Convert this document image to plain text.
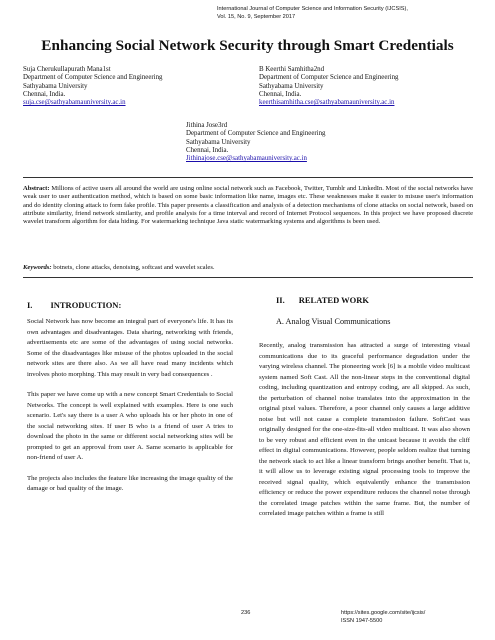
International Journal of Computer Science and Information Security (IJCSIS),
Vol. 15, No. 9, September 2017
Enhancing Social Network Security through Smart Credentials
Suja Cherukullapurath Mana1st
Department of Computer Science and Engineering
Sathyabama University
Chennai, India.
suja.cse@sathyabamauniversity.ac.in
B Keerthi Samhitha2nd
Department of Computer Science and Engineering
Sathyabama University
Chennai, India.
keerthisamhitha.cse@sathyabamauniversity.ac.in
Jithina Jose3rd
Department of Computer Science and Engineering
Sathyabama University
Chennai, India.
Jithinajose.cse@sathyabamauniversity.ac.in
Abstract: Millions of active users all around the world are using online social network such as Facebook, Twitter, Tumblr and LinkedIn. Most of the social networks have weak user to user authentication method, which is based on some basic information like name, images etc. These weaknesses make it easier to misuse user's information and do identity cloning attack to form fake profile. This paper presents a classification and analysis of a detection mechanisms of clone attacks on social network, based on attribute similarity, friend network similarity, and profile analysis for a time interval and record of Internet Protocol sequences. In this project we have proposed discrete wavelet transform algorithm for data hiding. For watermarking technique Java static watermarking systems and algorithms is been used.
Keywords: botnets, clone attacks, denoising, softcast and wavelet scales.
I. INTRODUCTION:

Social Network has now become an integral part of everyone's life. It has its own advantages and disadvantages. Data sharing, networking with friends, advertisements etc are some of the advantages of using social networks. Some of the disadvantages like misuse of the photos uploaded in the social network sites are there also. As we all have read many incidents which involves photo morphing. This may result in very bad consequences .

This paper we have come up with a new concept Smart Credentials to Social Networks. The concept is well explained with examples. Here is one such scenario. Let's say there is a user A who uploads his or her photo in one of the social networking sites. If user B who is a friend of user A tries to download the photo in the same or different social networking sites will be prompted to get an approval from user A. Same scenario is applicable for non-friend of user A.

The projects also includes the feature like increasing the image quality of the damage or bad quality of the image.

II. RELATED WORK
A. Analog Visual Communications

Recently, analog transmission has attracted a surge of interesting visual communications due to its graceful performance degradation under the varying wireless channel. The pioneering work [6] is a mobile video multicast system named Soft Cast. All the non-linear steps in the conventional digital coding, including quantization and entropy coding, are all skipped. As such, the perturbation of channel noise translates into the approximation in the original pixel values. Therefore, a poor channel only causes a large additive noise but will not cause a complete transmission failure. SoftCast was originally designed for the one-size-fits-all video multicast. It was also shown to be very robust and efficient even in the unicast because it avoids the cliff effect in digital communications. However, people seldom realize that turning the network stack to act like a linear transform brings another benefit. That is, it will allow us to leverage existing signal processing tools to improve the received signal quality, which equivalently enhance the transmission efficiency or reduce the power expenditure reduces the channel noise through the correlated image patches within the same frame. But, the number of correlated image patches within a frame is still

236	https://sites.google.com/site/ijcsis/
ISSN 1947-5500
